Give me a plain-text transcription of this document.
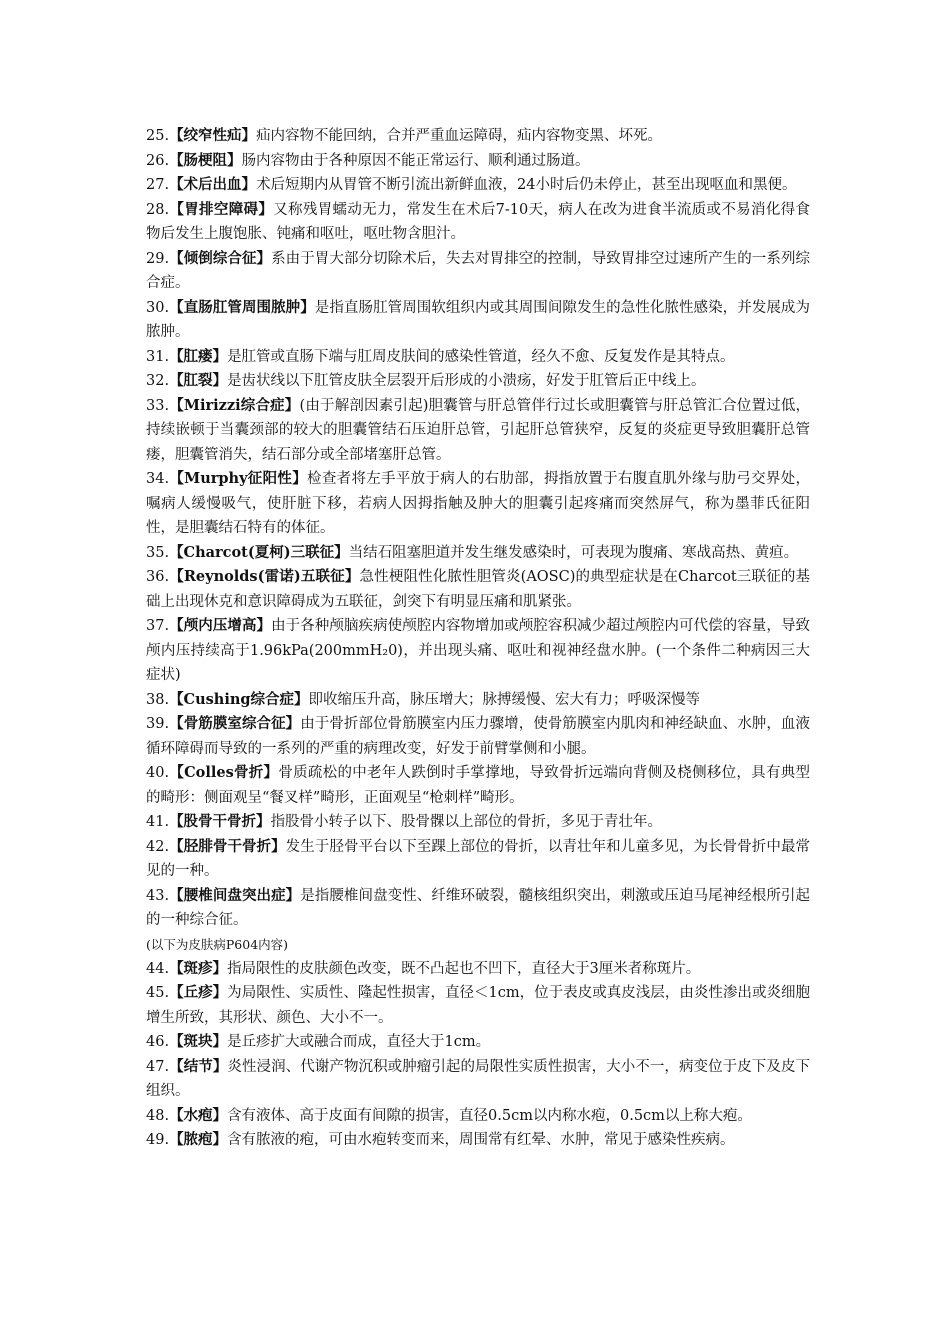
25.【绞窄性疝】疝内容物不能回纳，合并严重血运障碍，疝内容物变黑、坏死。

26.【肠梗阻】肠内容物由于各种原因不能正常运行、顺利通过肠道。

27.【术后出血】术后短期内从胃管不断引流出新鲜血液，24小时后仍未停止，甚至出现呕血和黑便。

28.【胃排空障碍】又称残胃蠕动无力，常发生在术后7-10天，病人在改为进食半流质或不易消化得食物后发生上腹饱胀、钝痛和呕吐，呕吐物含胆汁。

29.【倾倒综合征】系由于胃大部分切除术后，失去对胃排空的控制，导致胃排空过速所产生的一系列综合症。

30.【直肠肛管周围脓肿】是指直肠肛管周围软组织内或其周围间隙发生的急性化脓性感染，并发展成为脓肿。

31.【肛瘘】是肛管或直肠下端与肛周皮肤间的感染性管道，经久不愈、反复发作是其特点。

32.【肛裂】是齿状线以下肛管皮肤全层裂开后形成的小溃疡，好发于肛管后正中线上。

33.【Mirizzi综合症】(由于解剖因素引起)胆囊管与肝总管伴行过长或胆囊管与肝总管汇合位置过低，持续嵌顿于当囊颈部的较大的胆囊管结石压迫肝总管，引起肝总管狭窄，反复的炎症更导致胆囊肝总管瘘，胆囊管消失，结石部分或全部堵塞肝总管。

34.【Murphy征阳性】检查者将左手平放于病人的右肋部，拇指放置于右腹直肌外缘与肋弓交界处，嘱病人缓慢吸气，使肝脏下移，若病人因拇指触及肿大的胆囊引起疼痛而突然屏气，称为墨菲氏征阳性，是胆囊结石特有的体征。

35.【Charcot(夏柯)三联征】当结石阻塞胆道并发生继发感染时，可表现为腹痛、寒战高热、黄疸。

36.【Reynolds(雷诺)五联征】急性梗阻性化脓性胆管炎(AOSC)的典型症状是在Charcot三联征的基础上出现休克和意识障碍成为五联征，剑突下有明显压痛和肌紧张。

37.【颅内压增高】由于各种颅脑疾病使颅腔内容物增加或颅腔容积减少超过颅腔内可代偿的容量，导致颅内压持续高于1.96kPa(200mmH₂0)，并出现头痛、呕吐和视神经盘水肿。(一个条件二种病因三大症状)

38.【Cushing综合症】即收缩压升高，脉压增大；脉搏缓慢、宏大有力；呼吸深慢等

39.【骨筋膜室综合征】由于骨折部位骨筋膜室内压力骤增，使骨筋膜室内肌肉和神经缺血、水肿，血液循环障碍而导致的一系列的严重的病理改变，好发于前臂掌侧和小腿。

40.【Colles骨折】骨质疏松的中老年人跌倒时手掌撑地，导致骨折远端向背侧及桡侧移位，具有典型的畸形：侧面观呈“餐叉样”畸形，正面观呈“枪刺样”畸形。

41.【股骨干骨折】指股骨小转子以下、股骨髁以上部位的骨折，多见于青壮年。

42.【胫腓骨干骨折】发生于胫骨平台以下至踝上部位的骨折，以青壮年和儿童多见，为长骨骨折中最常见的一种。

43.【腰椎间盘突出症】是指腰椎间盘变性、纤维环破裂，髓核组织突出，刺激或压迫马尾神经根所引起的一种综合征。

(以下为皮肤病P604内容)

44.【斑疹】指局限性的皮肤颜色改变，既不凸起也不凹下，直径大于3厘米者称斑片。

45.【丘疹】为局限性、实质性、隆起性损害，直径＜1cm，位于表皮或真皮浅层，由炎性渗出或炎细胞增生所致，其形状、颜色、大小不一。

46.【斑块】是丘疹扩大或融合而成，直径大于1cm。

47.【结节】炎性浸润、代谢产物沉积或肿瘤引起的局限性实质性损害，大小不一，病变位于皮下及皮下组织。

48.【水疱】含有液体、高于皮面有间隙的损害，直径0.5cm以内称水疱，0.5cm以上称大疱。

49.【脓疱】含有脓液的疱，可由水疱转变而来，周围常有红晕、水肿，常见于感染性疾病。
